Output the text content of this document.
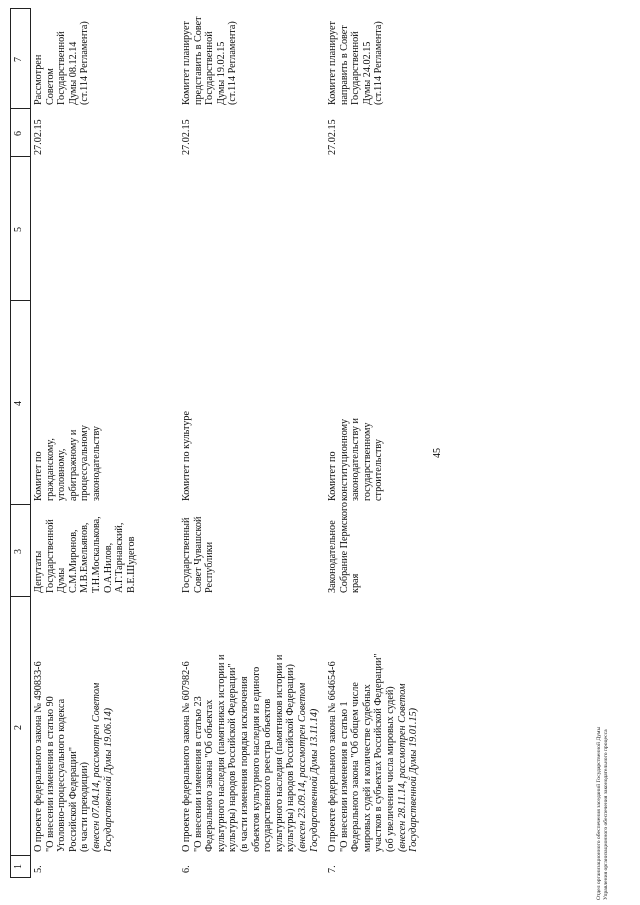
1
2
3
4
5
6
7
5.
О проекте федерального закона № 490833-6 "О внесении изменения в статью 90 Уголовно-процессуального кодекса Российской Федерации" (в части преюдиции) (внесен 07.04.14, рассмотрен Советом Государственной Думы 19.06.14)
Депутаты Государственной Думы С.М.Миронов, М.В.Емельянов, Т.Н.Москалькова, О.А.Нилов, А.Г.Тарнавский, В.Е.Шудегов
Комитет по гражданскому, уголовному, арбитражному и процессуальному законодательству
27.02.15
Рассмотрен Советом Государственной Думы 08.12.14 (ст.114 Регламента)
6.
О проекте федерального закона № 607982-6 "О внесении изменения в статью 23 Федерального закона "Об объектах культурного наследия (памятниках истории и культуры) народов Российской Федерации" (в части изменения порядка исключения объектов культурного наследия из единого государственного реестра объектов культурного наследия (памятников истории и культуры) народов Российской Федерации) (внесен 23.09.14, рассмотрен Советом Государственной Думы 13.11.14)
Государственный Совет Чувашской Республики
Комитет по культуре
27.02.15
Комитет планирует представить в Совет Государственной Думы 19.02.15 (ст.114 Регламента)
7.
О проекте федерального закона № 664654-6 "О внесении изменения в статью 1 Федерального закона "Об общем числе мировых судей и количестве судебных участков в субъектах Российской Федерации" (об увеличении числа мировых судей) (внесен 28.11.14, рассмотрен Советом Государственной Думы 19.01.15)
Законодательное Собрание Пермского края
Комитет по конституционному законодательству и государственному строительству
27.02.15
Комитет планирует направить в Совет Государственной Думы 24.02.15 (ст.114 Регламента)
45
Отдел организационного обеспечения заседаний Государственной Думы Управления организационного обеспечения законодательного процесса
